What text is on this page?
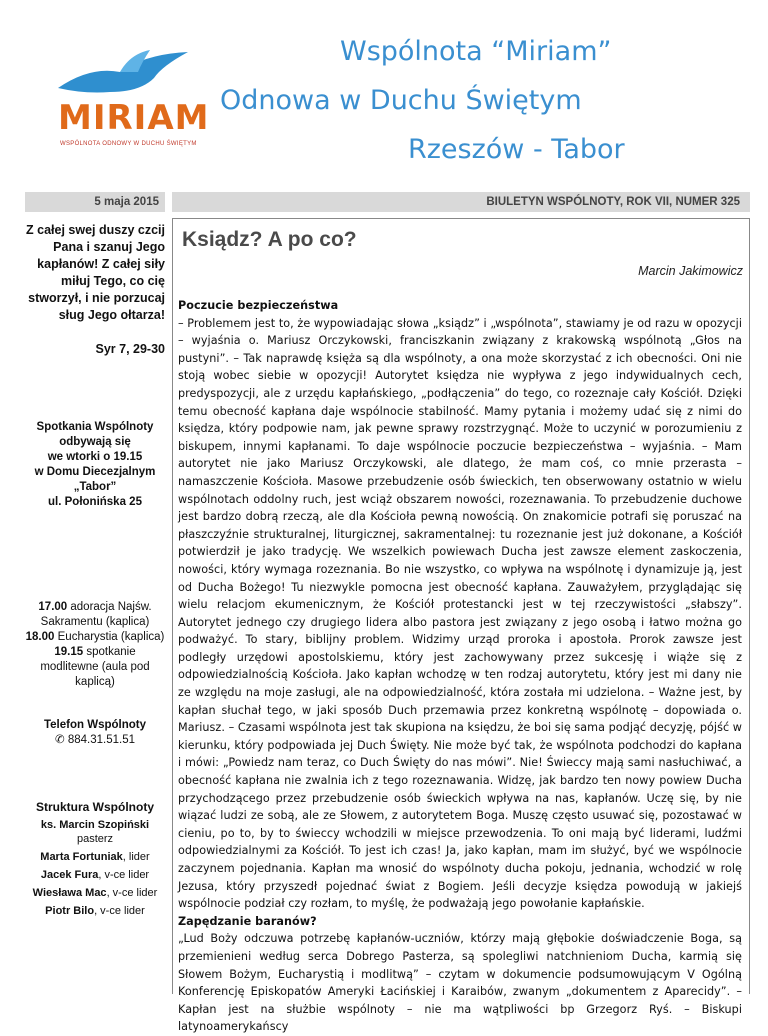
MIRIAM
WSPÓLNOTA ODNOWY W DUCHU ŚWIĘTYM
Wspólnota “Miriam”
Odnowa w Duchu Świętym
Rzeszów - Tabor
5 maja 2015	BIULETYN WSPÓLNOTY, ROK VII, NUMER 325
Z całej swej duszy czcij Pana i szanuj Jego kapłanów! Z całej siły miłuj Tego, co cię stworzył, i nie porzucaj sług Jego ołtarza!
Syr 7, 29-30
Spotkania Wspólnoty odbywają się
we wtorki o 19.15
w Domu Diecezjalnym „Tabor”
ul. Połonińska 25
17.00 adoracja Najśw. Sakramentu (kaplica)
18.00 Eucharystia (kaplica)
19.15 spotkanie modlitewne (aula pod kaplicą)
Telefon Wspólnoty
✆ 884.31.51.51
Struktura Wspólnoty
ks. Marcin Szopiński
pasterz
Marta Fortuniak, lider
Jacek Fura, v-ce lider
Wiesława Mac, v-ce lider
Piotr Bilo, v-ce lider
Ksiądz? A po co?
Marcin Jakimowicz

Poczucie bezpieczeństwa

– Problemem jest to, że wypowiadając słowa „ksiądz” i „wspólnota”, stawiamy je od razu w opozycji – wyjaśnia o. Mariusz Orczykowski, franciszkanin związany z krakowską wspólnotą „Głos na pustyni”. – Tak naprawdę księża są dla wspólnoty, a ona może skorzystać z ich obecności. Oni nie stoją wobec siebie w opozycji! Autorytet księdza nie wypływa z jego indywidualnych cech, predyspozycji, ale z urzędu kapłańskiego, „podłączenia” do tego, co rozeznaje cały Kościół. Dzięki temu obecność kapłana daje wspólnocie stabilność. Mamy pytania i możemy udać się z nimi do księdza, który podpowie nam, jak pewne sprawy rozstrzygnąć. Może to uczynić w porozumieniu z biskupem, innymi kapłanami. To daje wspólnocie poczucie bezpieczeństwa – wyjaśnia. – Mam autorytet nie jako Mariusz Orczykowski, ale dlatego, że mam coś, co mnie przerasta – namaszczenie Kościoła. Masowe przebudzenie osób świeckich, ten obserwowany ostatnio w wielu wspólnotach oddolny ruch, jest wciąż obszarem nowości, rozeznawania. To przebudzenie duchowe jest bardzo dobrą rzeczą, ale dla Kościoła pewną nowością. On znakomicie potrafi się poruszać na płaszczyźnie strukturalnej, liturgicznej, sakramentalnej: tu rozeznanie jest już dokonane, a Kościół potwierdził je jako tradycję. We wszelkich powiewach Ducha jest zawsze element zaskoczenia, nowości, który wymaga rozeznania. Bo nie wszystko, co wpływa na wspólnotę i dynamizuje ją, jest od Ducha Bożego! Tu niezwykle pomocna jest obecność kapłana. Zauważyłem, przyglądając się wielu relacjom ekumenicznym, że Kościół protestancki jest w tej rzeczywistości „słabszy”. Autorytet jednego czy drugiego lidera albo pastora jest związany z jego osobą i łatwo można go podważyć. To stary, biblijny problem. Widzimy urząd proroka i apostoła. Prorok zawsze jest podległy urzędowi apostolskiemu, który jest zachowywany przez sukcesję i wiąże się z odpowiedzialnością Kościoła. Jako kapłan wchodzę w ten rodzaj autorytetu, który jest mi dany nie ze względu na moje zasługi, ale na odpowiedzialność, która została mi udzielona. – Ważne jest, by kapłan słuchał tego, w jaki sposób Duch przemawia przez konkretną wspólnotę – dopowiada o. Mariusz. – Czasami wspólnota jest tak skupiona na księdzu, że boi się sama podjąć decyzję, pójść w kierunku, który podpowiada jej Duch Święty. Nie może być tak, że wspólnota podchodzi do kapłana i mówi: „Powiedz nam teraz, co Duch Święty do nas mówi”. Nie! Świeccy mają sami nasłuchiwać, a obecność kapłana nie zwalnia ich z tego rozeznawania. Widzę, jak bardzo ten nowy powiew Ducha przychodzącego przez przebudzenie osób świeckich wpływa na nas, kapłanów. Uczę się, by nie wiązać ludzi ze sobą, ale ze Słowem, z autorytetem Boga. Muszę często usuwać się, pozostawać w cieniu, po to, by to świeccy wchodzili w miejsce przewodzenia. To oni mają być liderami, ludźmi odpowiedzialnymi za Kościół. To jest ich czas! Ja, jako kapłan, mam im służyć, być we wspólnocie zaczynem pojednania. Kapłan ma wnosić do wspólnoty ducha pokoju, jednania, wchodzić w rolę Jezusa, który przyszedł pojednać świat z Bogiem. Jeśli decyzje księdza powodują w jakiejś wspólnocie podział czy rozłam, to myślę, że podważają jego powołanie kapłańskie.

Zapędzanie baranów?

„Lud Boży odczuwa potrzebę kapłanów-uczniów, którzy mają głębokie doświadczenie Boga, są przemienieni według serca Dobrego Pasterza, są spolegliwi natchnieniom Ducha, karmią się Słowem Bożym, Eucharystią i modlitwą” – czytam w dokumencie podsumowującym V Ogólną Konferencję Episkopatów Ameryki Łacińskiej i Karaibów, zwanym „dokumentem z Aparecidy”. – Kapłan jest na służbie wspólnoty – nie ma wątpliwości bp Grzegorz Ryś. – Biskupi latynoamerykańscy
